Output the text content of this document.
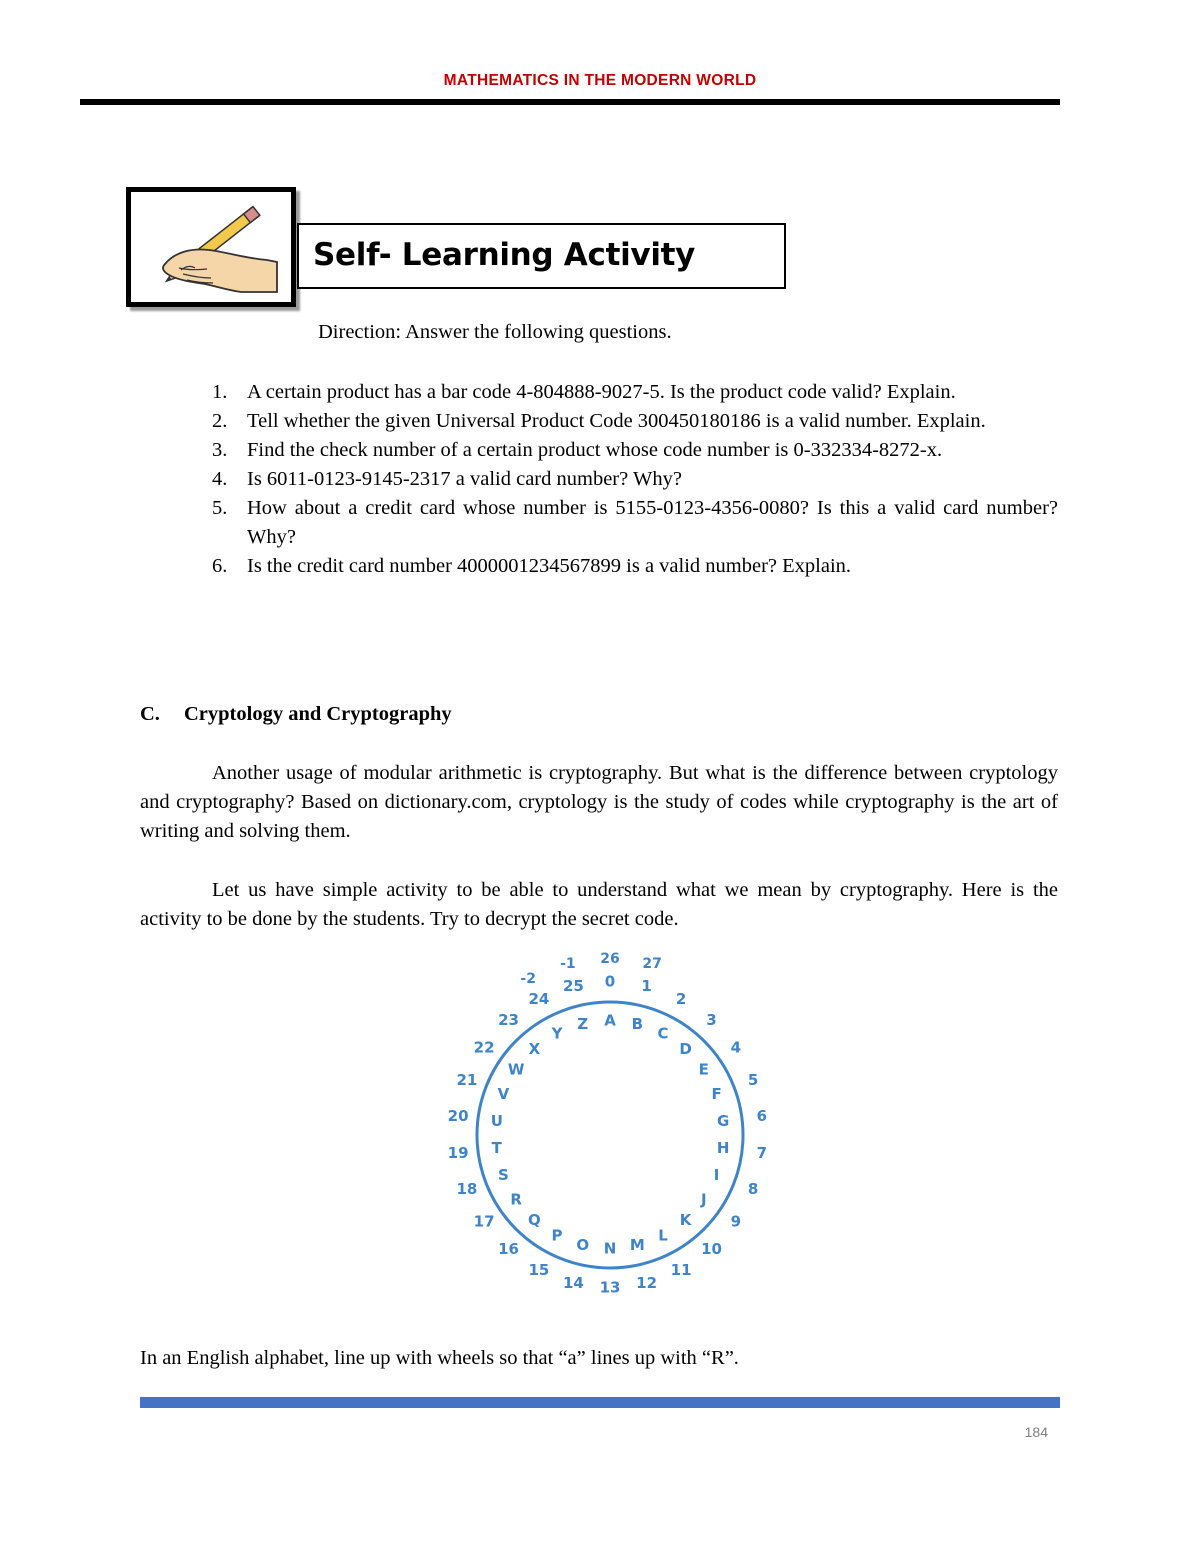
MATHEMATICS IN THE MODERN WORLD
Self- Learning Activity
Direction: Answer the following questions.
1. A certain product has a bar code 4-804888-9027-5. Is the product code valid? Explain.
2. Tell whether the given Universal Product Code 300450180186 is a valid number. Explain.
3. Find the check number of a certain product whose code number is 0-332334-8272-x.
4. Is 6011-0123-9145-2317 a valid card number? Why?
5. How about a credit card whose number is 5155-0123-4356-0080? Is this a valid card number? Why?
6. Is the credit card number 4000001234567899 is a valid number? Explain.
C. Cryptology and Cryptography
Another usage of modular arithmetic is cryptography. But what is the difference between cryptology and cryptography? Based on dictionary.com, cryptology is the study of codes while cryptography is the art of writing and solving them.
Let us have simple activity to be able to understand what we mean by cryptography. Here is the activity to be done by the students. Try to decrypt the secret code.
A B
C
D
E
F
G
H
I
J
K
L
M
N
O
P
Q
R
S
T
U
V
W
X
Y
Z
0 1
2
3
4
5
6
7
8
9
10
11
12
13
14
15
16
17
18
19
20
21
22
23
24
25
26 27
-1
-2
In an English alphabet, line up with wheels so that “a” lines up with “R”.
184
